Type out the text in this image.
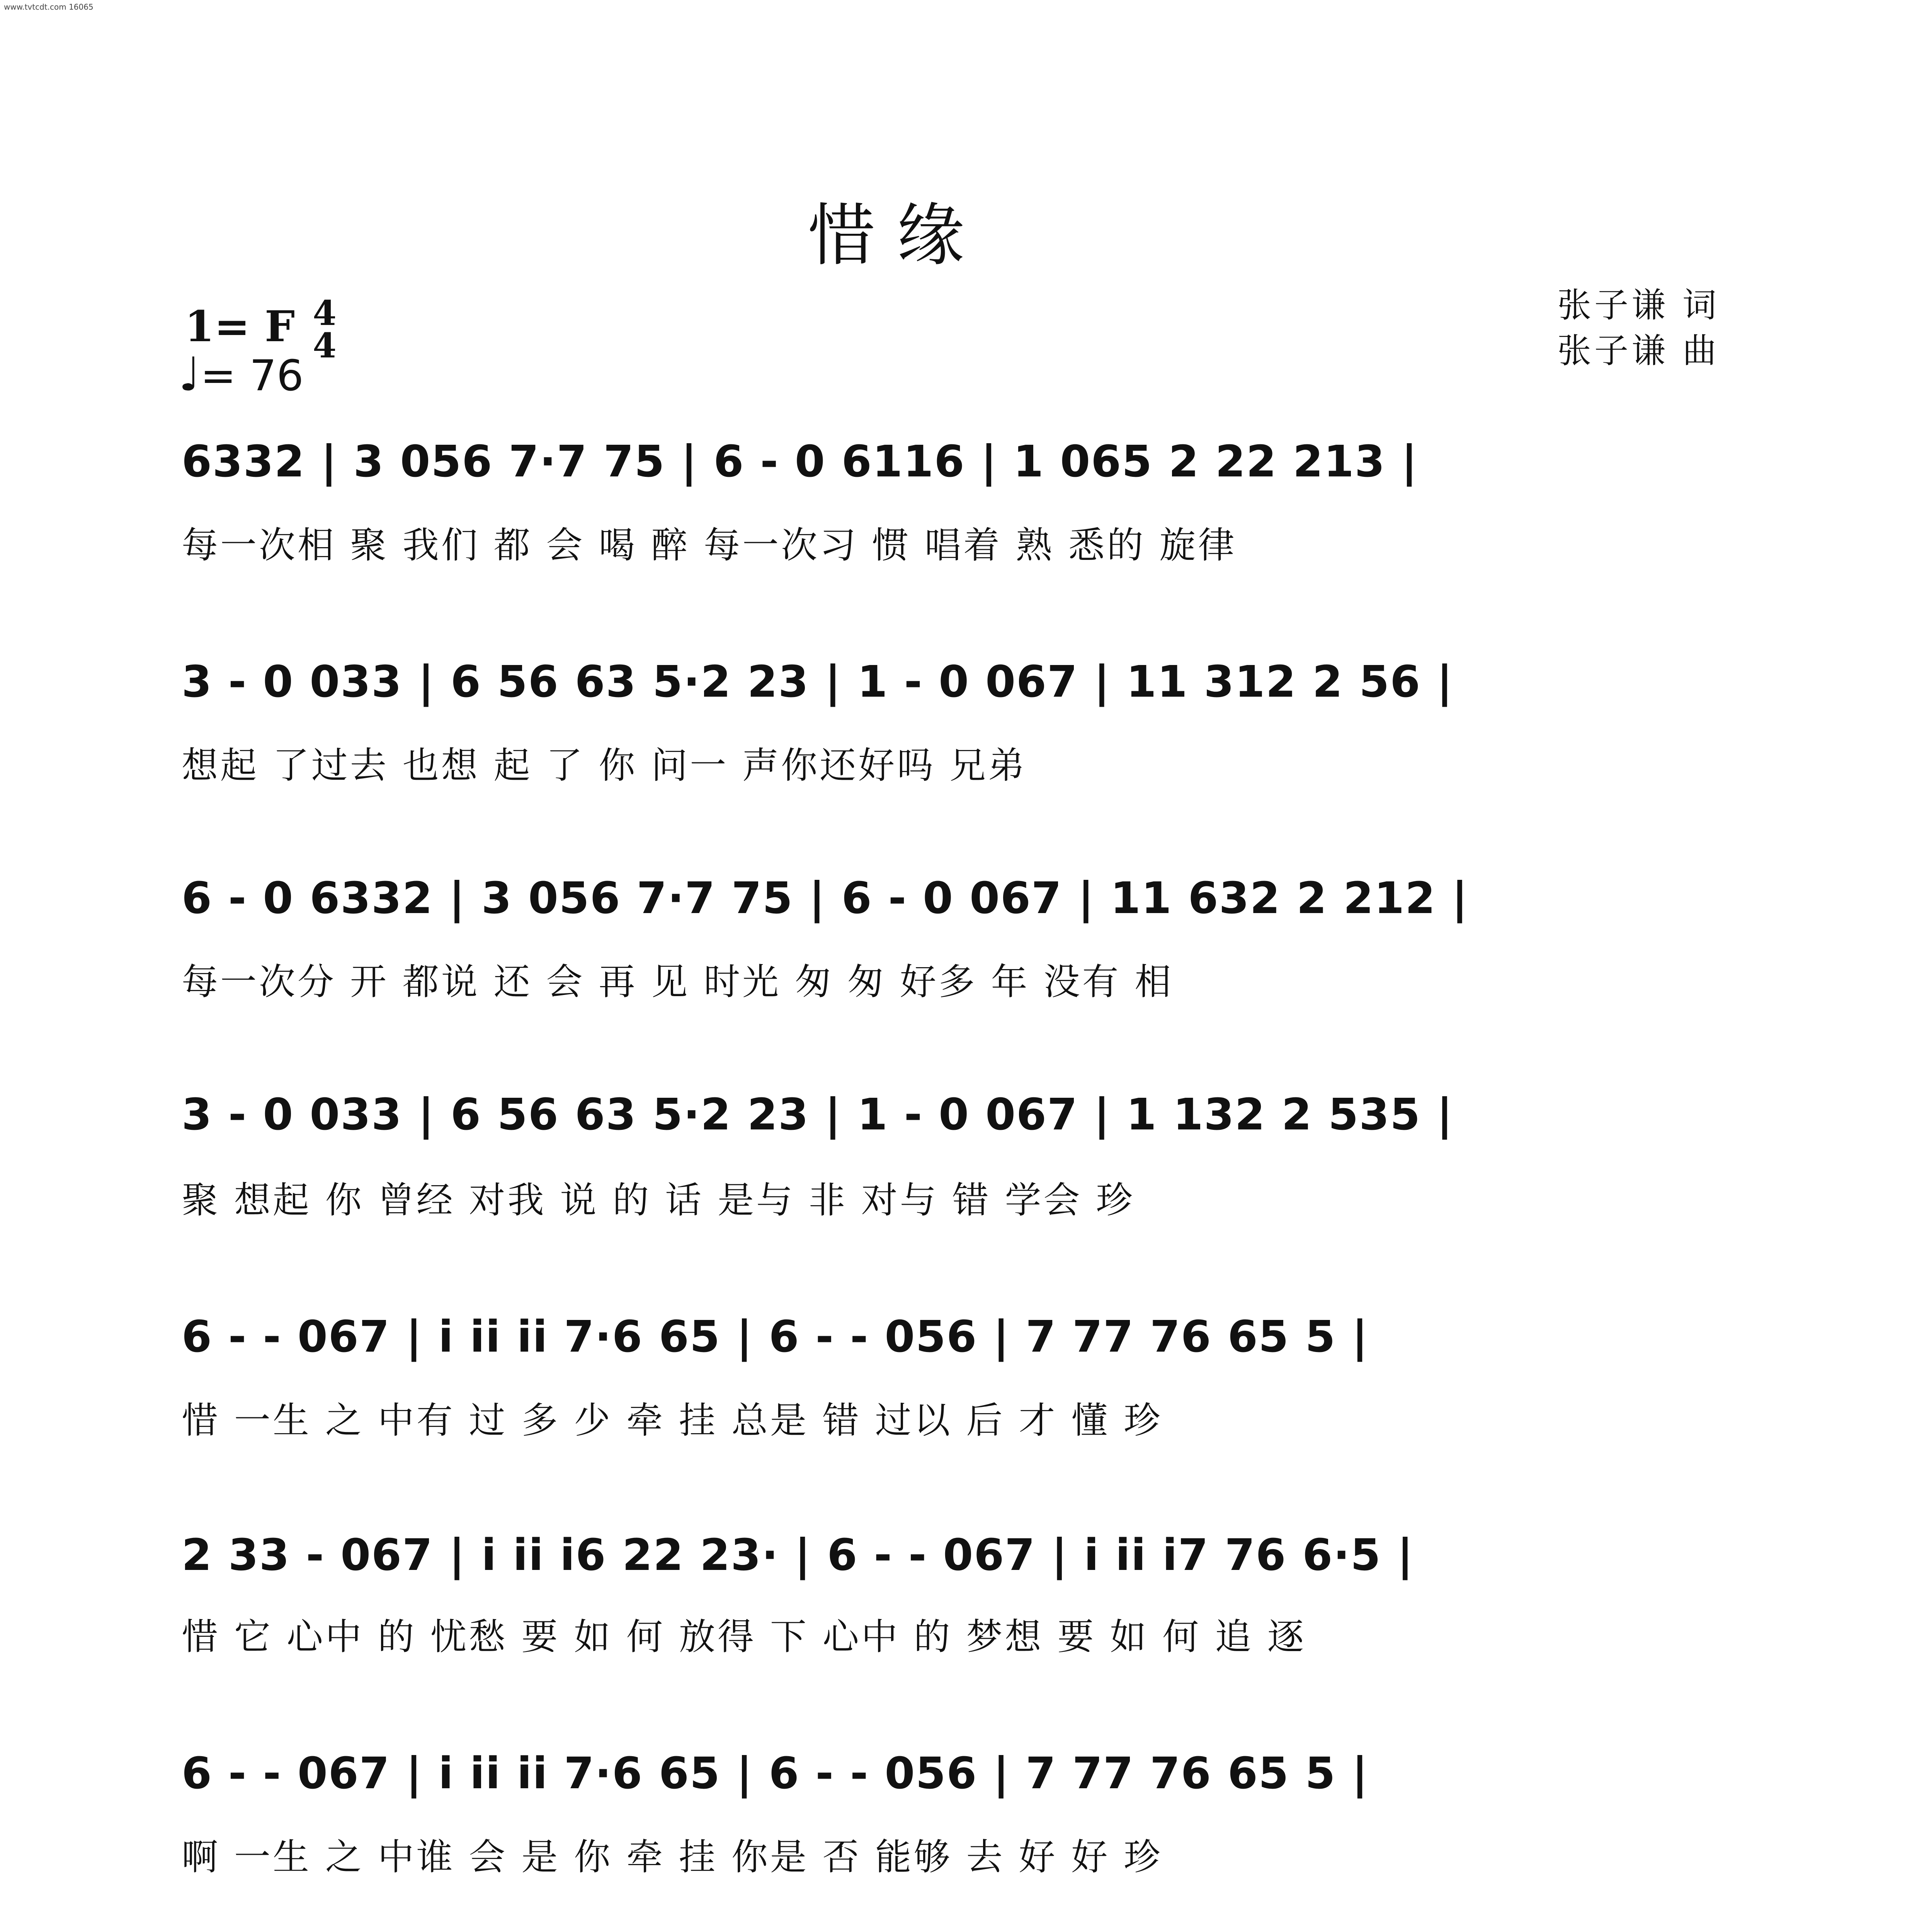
www.tvtcdt.com 16065
惜 缘
张子谦 词
张子谦 曲
1= F 4
4
♩= 76
6332 | 3 056 7·7 75 | 6 - 0 6116 | 1 065 2 22 213 |
每一次相 聚 我们 都 会 喝 醉 每一次习 惯 唱着 熟 悉的 旋律
3 - 0 033 | 6 56 63 5·2 23 | 1 - 0 067 | 11 312 2 56 |
想起 了过去 也想 起 了 你 问一 声你还好吗 兄弟
6 - 0 6332 | 3 056 7·7 75 | 6 - 0 067 | 11 632 2 212 |
每一次分 开 都说 还 会 再 见 时光 匆 匆 好多 年 没有 相
3 - 0 033 | 6 56 63 5·2 23 | 1 - 0 067 | 1 132 2 535 |
聚 想起 你 曾经 对我 说 的 话 是与 非 对与 错 学会 珍
6 - - 067 | i ii ii 7·6 65 | 6 - - 056 | 7 77 76 65 5 |
惜 一生 之 中有 过 多 少 牵 挂 总是 错 过以 后 才 懂 珍
2 33 - 067 | i ii i6 22 23· | 6 - - 067 | i ii i7 76 6·5 |
惜 它 心中 的 忧愁 要 如 何 放得 下 心中 的 梦想 要 如 何 追 逐
6 - - 067 | i ii ii 7·6 65 | 6 - - 056 | 7 77 76 65 5 |
啊 一生 之 中谁 会 是 你 牵 挂 你是 否 能够 去 好 好 珍
